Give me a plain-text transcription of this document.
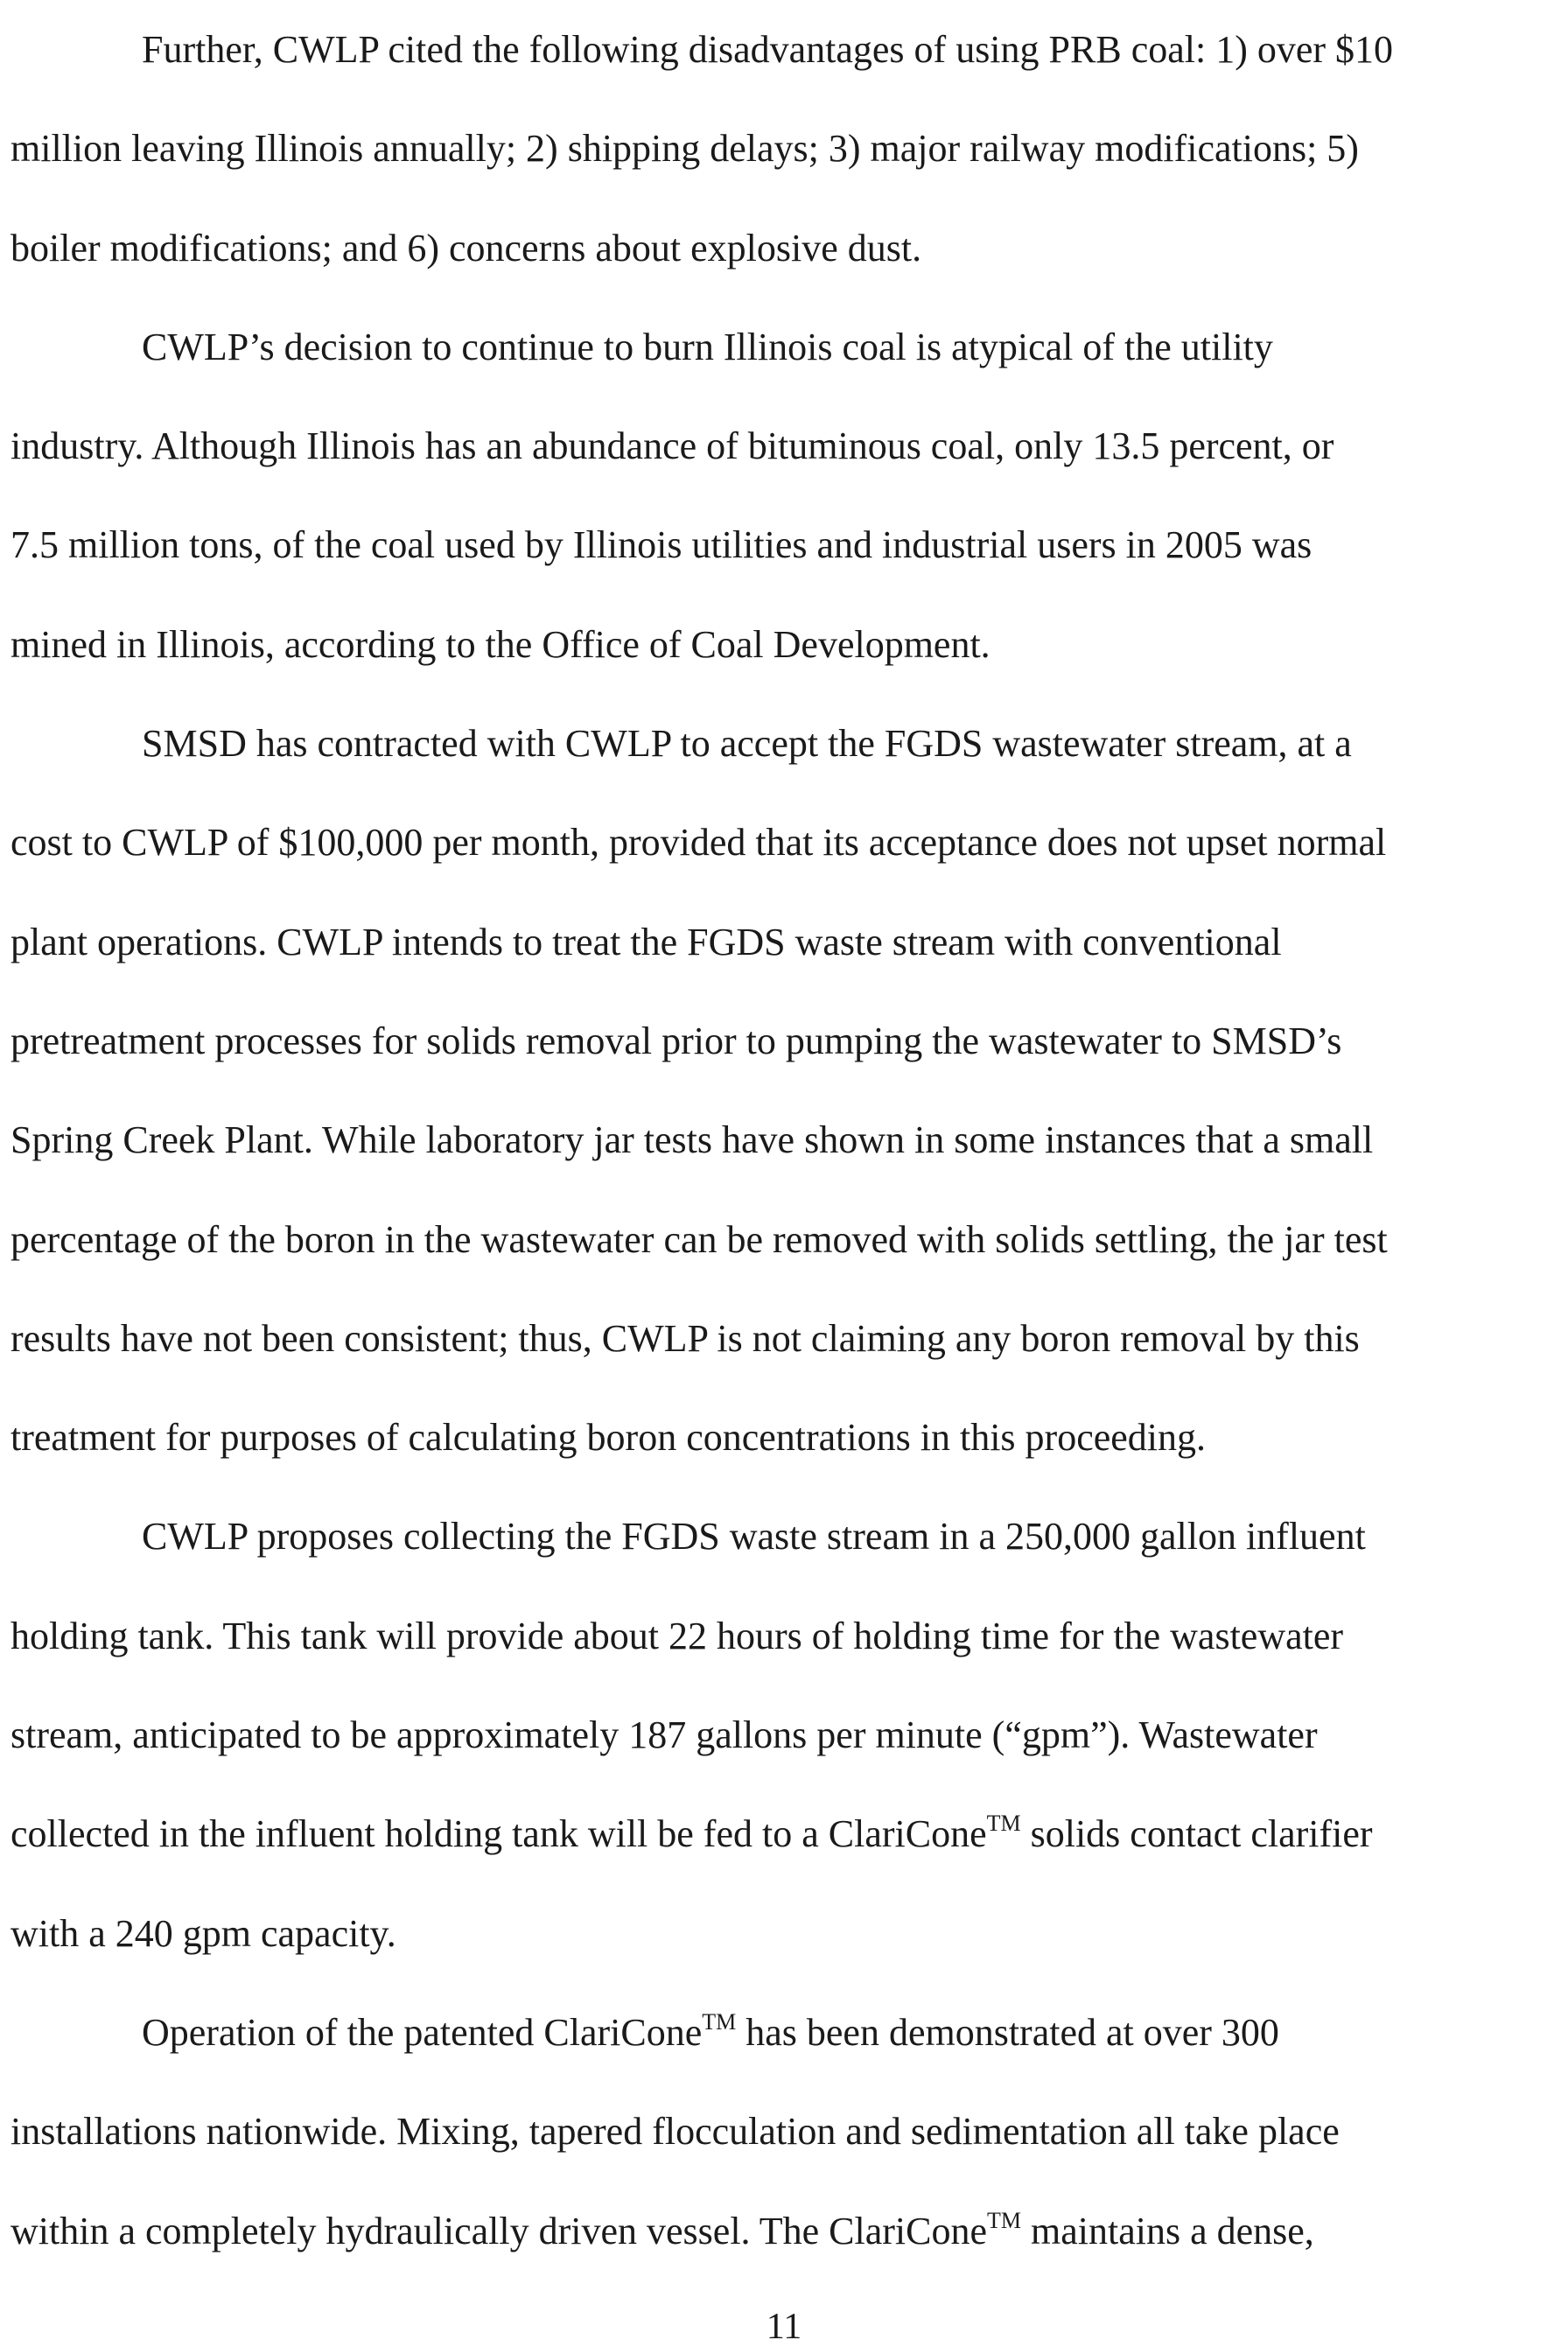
Further, CWLP cited the following disadvantages of using PRB coal: 1) over $10
million leaving Illinois annually; 2) shipping delays; 3) major railway modifications; 5)
boiler modifications; and 6) concerns about explosive dust.

CWLP’s decision to continue to burn Illinois coal is atypical of the utility
industry. Although Illinois has an abundance of bituminous coal, only 13.5 percent, or
7.5 million tons, of the coal used by Illinois utilities and industrial users in 2005 was
mined in Illinois, according to the Office of Coal Development.

SMSD has contracted with CWLP to accept the FGDS wastewater stream, at a
cost to CWLP of $100,000 per month, provided that its acceptance does not upset normal
plant operations. CWLP intends to treat the FGDS waste stream with conventional
pretreatment processes for solids removal prior to pumping the wastewater to SMSD’s
Spring Creek Plant. While laboratory jar tests have shown in some instances that a small
percentage of the boron in the wastewater can be removed with solids settling, the jar test
results have not been consistent; thus, CWLP is not claiming any boron removal by this
treatment for purposes of calculating boron concentrations in this proceeding.

CWLP proposes collecting the FGDS waste stream in a 250,000 gallon influent
holding tank. This tank will provide about 22 hours of holding time for the wastewater
stream, anticipated to be approximately 187 gallons per minute (“gpm”). Wastewater
collected in the influent holding tank will be fed to a ClariCone™ solids contact clarifier
with a 240 gpm capacity.

Operation of the patented ClariCone™ has been demonstrated at over 300
installations nationwide. Mixing, tapered flocculation and sedimentation all take place
within a completely hydraulically driven vessel. The ClariCone™ maintains a dense,

11
